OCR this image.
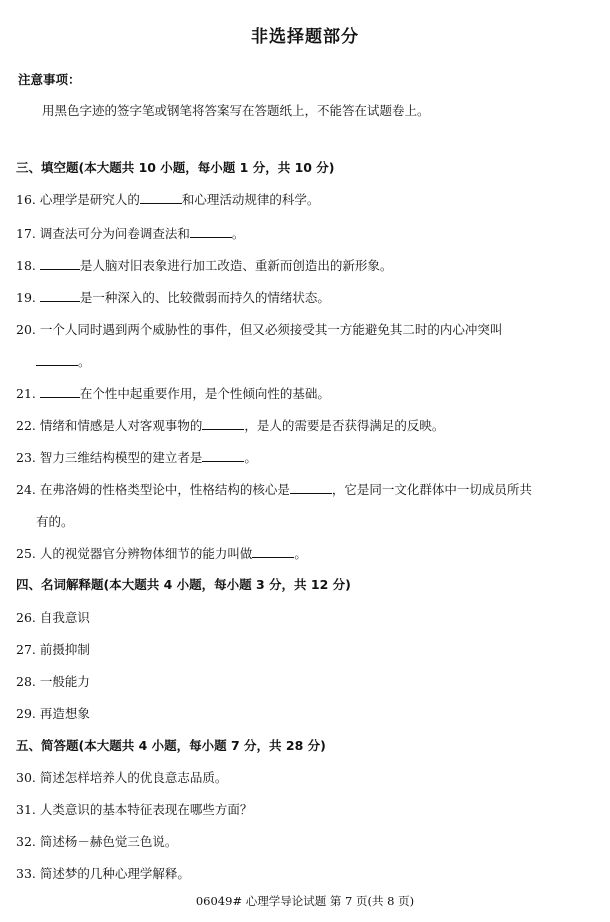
非选择题部分
注意事项：
用黑色字迹的签字笔或钢笔将答案写在答题纸上，不能答在试题卷上。
三、填空题(本大题共 10 小题，每小题 1 分，共 10 分)
16. 心理学是研究人的	和心理活动规律的科学。
17. 调查法可分为问卷调查法和	。
18.	是人脑对旧表象进行加工改造、重新而创造出的新形象。
19.	是一种深入的、比较微弱而持久的情绪状态。
20. 一个人同时遇到两个威胁性的事件，但又必须接受其一方能避免其二时的内心冲突叫
。
21.	在个性中起重要作用，是个性倾向性的基础。
22. 情绪和情感是人对客观事物的	，是人的需要是否获得满足的反映。
23. 智力三维结构模型的建立者是	。
24. 在弗洛姆的性格类型论中，性格结构的核心是	，它是同一文化群体中一切成员所共
有的。
25. 人的视觉器官分辨物体细节的能力叫做	。
四、名词解释题(本大题共 4 小题，每小题 3 分，共 12 分)
26. 自我意识
27. 前摄抑制
28. 一般能力
29. 再造想象
五、简答题(本大题共 4 小题，每小题 7 分，共 28 分)
30. 简述怎样培养人的优良意志品质。
31. 人类意识的基本特征表现在哪些方面？
32. 简述杨－赫色觉三色说。
33. 简述梦的几种心理学解释。
06049# 心理学导论试题 第 7 页(共 8 页)
